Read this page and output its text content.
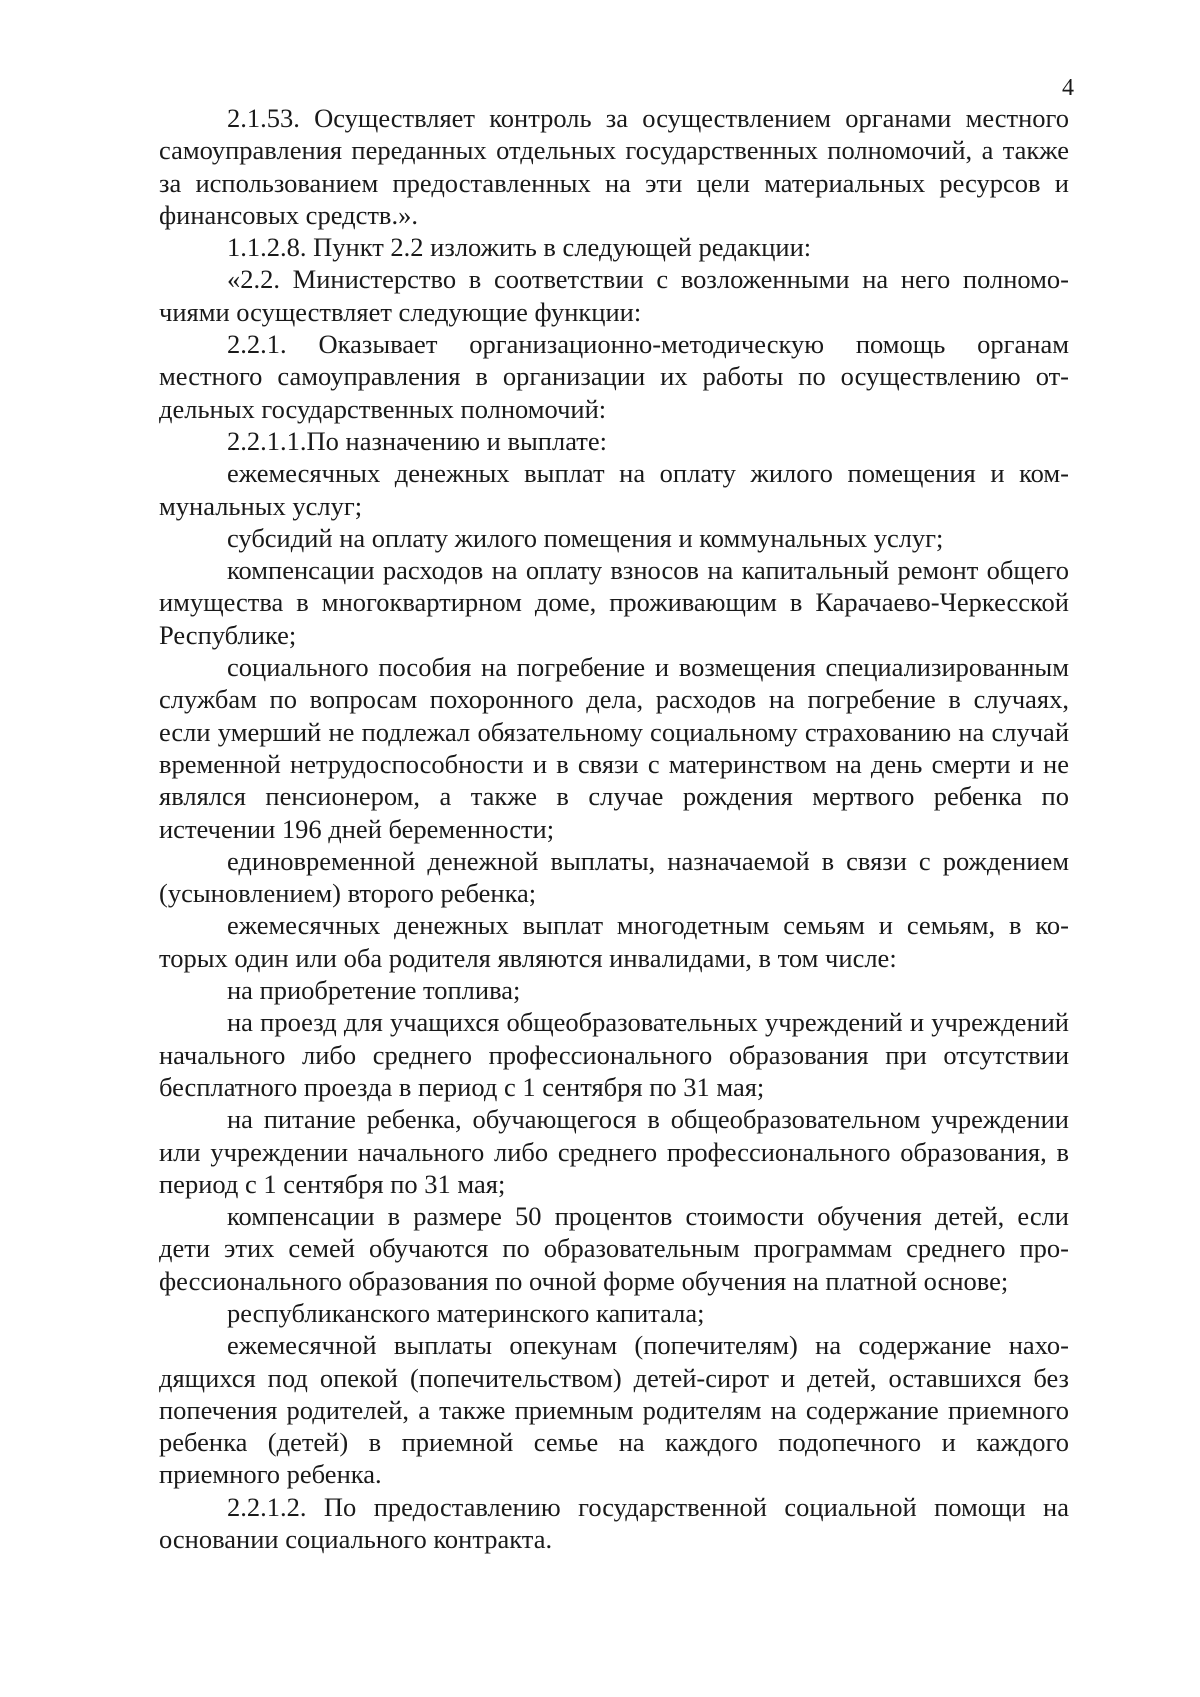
4

2.1.53. Осуществляет контроль за осуществлением органами местного самоуправления переданных отдельных государственных полномочий, а также за использованием предоставленных на эти цели материальных ресурсов и финансовых средств.».

1.1.2.8. Пункт 2.2 изложить в следующей редакции:

«2.2. Министерство в соответствии с возложенными на него полномочиями осуществляет следующие функции:

2.2.1. Оказывает организационно-методическую помощь органам местного самоуправления в организации их работы по осуществлению отдельных государственных полномочий:

2.2.1.1.По назначению и выплате:

ежемесячных денежных выплат на оплату жилого помещения и коммунальных услуг;

субсидий на оплату жилого помещения и коммунальных услуг;

компенсации расходов на оплату взносов на капитальный ремонт общего имущества в многоквартирном доме, проживающим в Карачаево-Черкесской Республике;

социального пособия на погребение и возмещения специализированным службам по вопросам похоронного дела, расходов на погребение в случаях, если умерший не подлежал обязательному социальному страхованию на случай временной нетрудоспособности и в связи с материнством на день смерти и не являлся пенсионером, а также в случае рождения мертвого ребенка по истечении 196 дней беременности;

единовременной денежной выплаты, назначаемой в связи с рождением (усыновлением) второго ребенка;

ежемесячных денежных выплат многодетным семьям и семьям, в которых один или оба родителя являются инвалидами, в том числе:

на приобретение топлива;

на проезд для учащихся общеобразовательных учреждений и учреждений начального либо среднего профессионального образования при отсутствии бесплатного проезда в период с 1 сентября по 31 мая;

на питание ребенка, обучающегося в общеобразовательном учреждении или учреждении начального либо среднего профессионального образования, в период с 1 сентября по 31 мая;

компенсации в размере 50 процентов стоимости обучения детей, если дети этих семей обучаются по образовательным программам среднего профессионального образования по очной форме обучения на платной основе;

республиканского материнского капитала;

ежемесячной выплаты опекунам (попечителям) на содержание находящихся под опекой (попечительством) детей-сирот и детей, оставшихся без попечения родителей, а также приемным родителям на содержание приемного ребенка (детей) в приемной семье на каждого подопечного и каждого приемного ребенка.

2.2.1.2. По предоставлению государственной социальной помощи на основании социального контракта.
